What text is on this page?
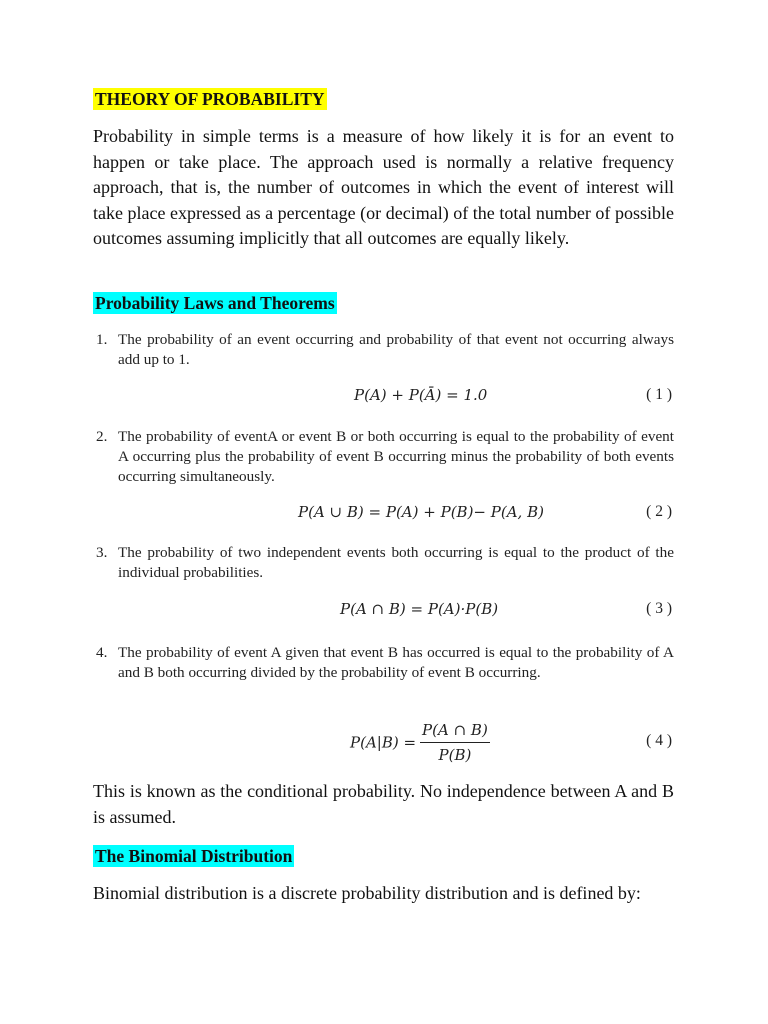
THEORY OF PROBABILITY

Probability in simple terms is a measure of how likely it is for an event to happen or take place. The approach used is normally a relative frequency approach, that is, the number of outcomes in which the event of interest will take place expressed as a percentage (or decimal) of the total number of possible outcomes assuming implicitly that all outcomes are equally likely.

Probability Laws and Theorems
1. The probability of an event occurring and probability of that event not occurring always add up to 1.
P(A) + P(Ā) = 1.0	( 1 )
2. The probability of eventA or event B or both occurring is equal to the probability of event A occurring plus the probability of event B occurring minus the probability of both events occurring simultaneously.
P(A ∪ B) = P(A) + P(B)− P(A, B)	( 2 )
3. The probability of two independent events both occurring is equal to the product of the individual probabilities.
P(A ∩ B) = P(A)·P(B)	( 3 )
4. The probability of event A given that event B has occurred is equal to the probability of A and B both occurring divided by the probability of event B occurring.
$P(A|B) = \frac{P(A \cap B)}{P(B)}$	( 4 )

This is known as the conditional probability. No independence between A and B is assumed.

The Binomial Distribution

Binomial distribution is a discrete probability distribution and is defined by:
